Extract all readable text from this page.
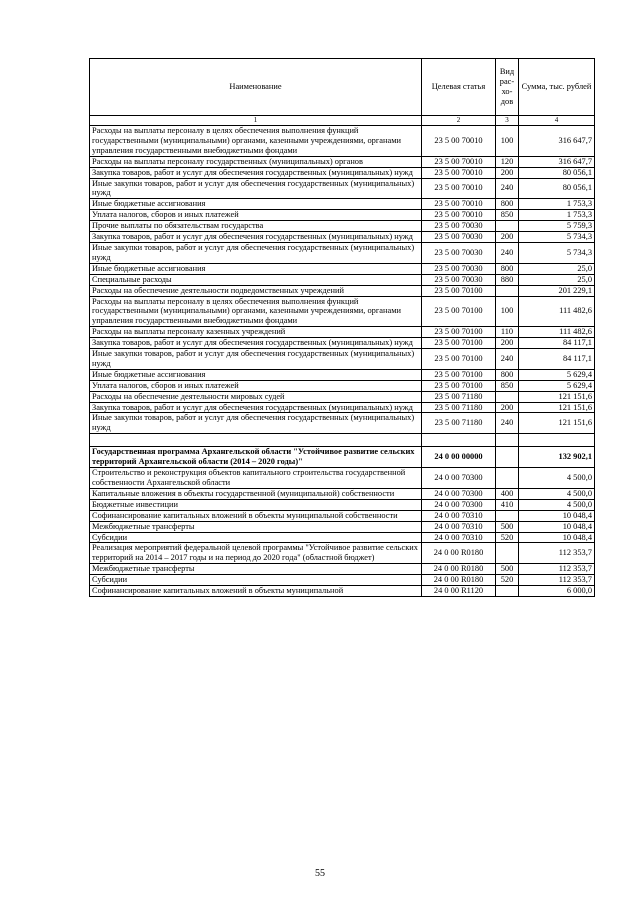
Наименование	Целевая статья	Вид рас-хо-дов	Сумма, тыс. рублей
1	2	3	4
Расходы на выплаты персоналу в целях обеспечения выполнения функций государственными (муниципальными) органами, казенными учреждениями, органами управления государственными внебюджетными фондами	23 5 00 70010	100	316 647,7
Расходы на выплаты персоналу государственных (муниципальных) органов	23 5 00 70010	120	316 647,7
Закупка товаров, работ и услуг для обеспечения государственных (муниципальных) нужд	23 5 00 70010	200	80 056,1
Иные закупки товаров, работ и услуг для обеспечения государственных (муниципальных) нужд	23 5 00 70010	240	80 056,1
Иные бюджетные ассигнования	23 5 00 70010	800	1 753,3
Уплата налогов, сборов и иных платежей	23 5 00 70010	850	1 753,3
Прочие выплаты по обязательствам государства	23 5 00 70030		5 759,3
Закупка товаров, работ и услуг для обеспечения государственных (муниципальных) нужд	23 5 00 70030	200	5 734,3
Иные закупки товаров, работ и услуг для обеспечения государственных (муниципальных) нужд	23 5 00 70030	240	5 734,3
Иные бюджетные ассигнования	23 5 00 70030	800	25,0
Специальные расходы	23 5 00 70030	880	25,0
Расходы на обеспечение деятельности подведомственных учреждений	23 5 00 70100		201 229,1
Расходы на выплаты персоналу в целях обеспечения выполнения функций государственными (муниципальными) органами, казенными учреждениями, органами управления государственными внебюджетными фондами	23 5 00 70100	100	111 482,6
Расходы на выплаты персоналу казенных учреждений	23 5 00 70100	110	111 482,6
Закупка товаров, работ и услуг для обеспечения государственных (муниципальных) нужд	23 5 00 70100	200	84 117,1
Иные закупки товаров, работ и услуг для обеспечения государственных (муниципальных) нужд	23 5 00 70100	240	84 117,1
Иные бюджетные ассигнования	23 5 00 70100	800	5 629,4
Уплата налогов, сборов и иных платежей	23 5 00 70100	850	5 629,4
Расходы на обеспечение деятельности мировых судей	23 5 00 71180		121 151,6
Закупка товаров, работ и услуг для обеспечения государственных (муниципальных) нужд	23 5 00 71180	200	121 151,6
Иные закупки товаров, работ и услуг для обеспечения государственных (муниципальных) нужд	23 5 00 71180	240	121 151,6

Государственная программа Архангельской области "Устойчивое развитие сельских территорий Архангельской области (2014 – 2020 годы)"	24 0 00 00000		132 902,1
Строительство и реконструкция объектов капитального строительства государственной собственности Архангельской области	24 0 00 70300		4 500,0
Капитальные вложения в объекты государственной (муниципальной) собственности	24 0 00 70300	400	4 500,0
Бюджетные инвестиции	24 0 00 70300	410	4 500,0
Софинансирование капитальных вложений в объекты муниципальной собственности	24 0 00 70310		10 048,4
Межбюджетные трансферты	24 0 00 70310	500	10 048,4
Субсидии	24 0 00 70310	520	10 048,4
Реализация мероприятий федеральной целевой программы "Устойчивое развитие сельских территорий на 2014 – 2017 годы и на период до 2020 года" (областной бюджет)	24 0 00 R0180		112 353,7
Межбюджетные трансферты	24 0 00 R0180	500	112 353,7
Субсидии	24 0 00 R0180	520	112 353,7
Софинансирование капитальных вложений в объекты муниципальной	24 0 00 R1120		6 000,0
55
